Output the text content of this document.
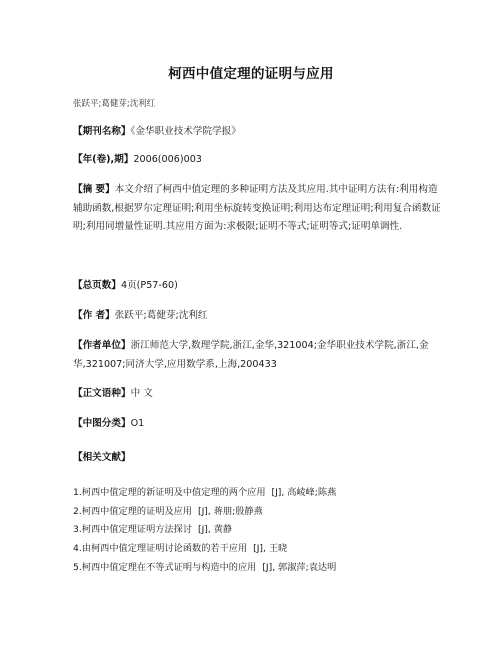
柯西中值定理的证明与应用
张跃平;葛健芽;沈利红
【期刊名称】《金华职业技术学院学报》
【年(卷),期】2006(006)003
【摘 要】本文介绍了柯西中值定理的多种证明方法及其应用.其中证明方法有:利用构造辅助函数,根据罗尔定理证明;利用坐标旋转变换证明;利用达布定理证明;利用复合函数证明;利用同增量性证明.其应用方面为:求极限;证明不等式;证明等式;证明单调性.
【总页数】4页(P57-60)
【作 者】张跃平;葛健芽;沈利红
【作者单位】浙江师范大学,数理学院,浙江,金华,321004;金华职业技术学院,浙江,金华,321007;同济大学,应用数学系,上海,200433
【正文语种】中 文
【中图分类】O1
【相关文献】
1.柯西中值定理的新证明及中值定理的两个应用 [J], 高崚峰;陈燕
2.柯西中值定理的证明及应用 [J], 蒋朋;殷静燕
3.柯西中值定理证明方法探讨 [J], 黄静
4.由柯西中值定理证明讨论函数的若干应用 [J], 王晓
5.柯西中值定理在不等式证明与构造中的应用 [J], 郭淑萍;袁达明
